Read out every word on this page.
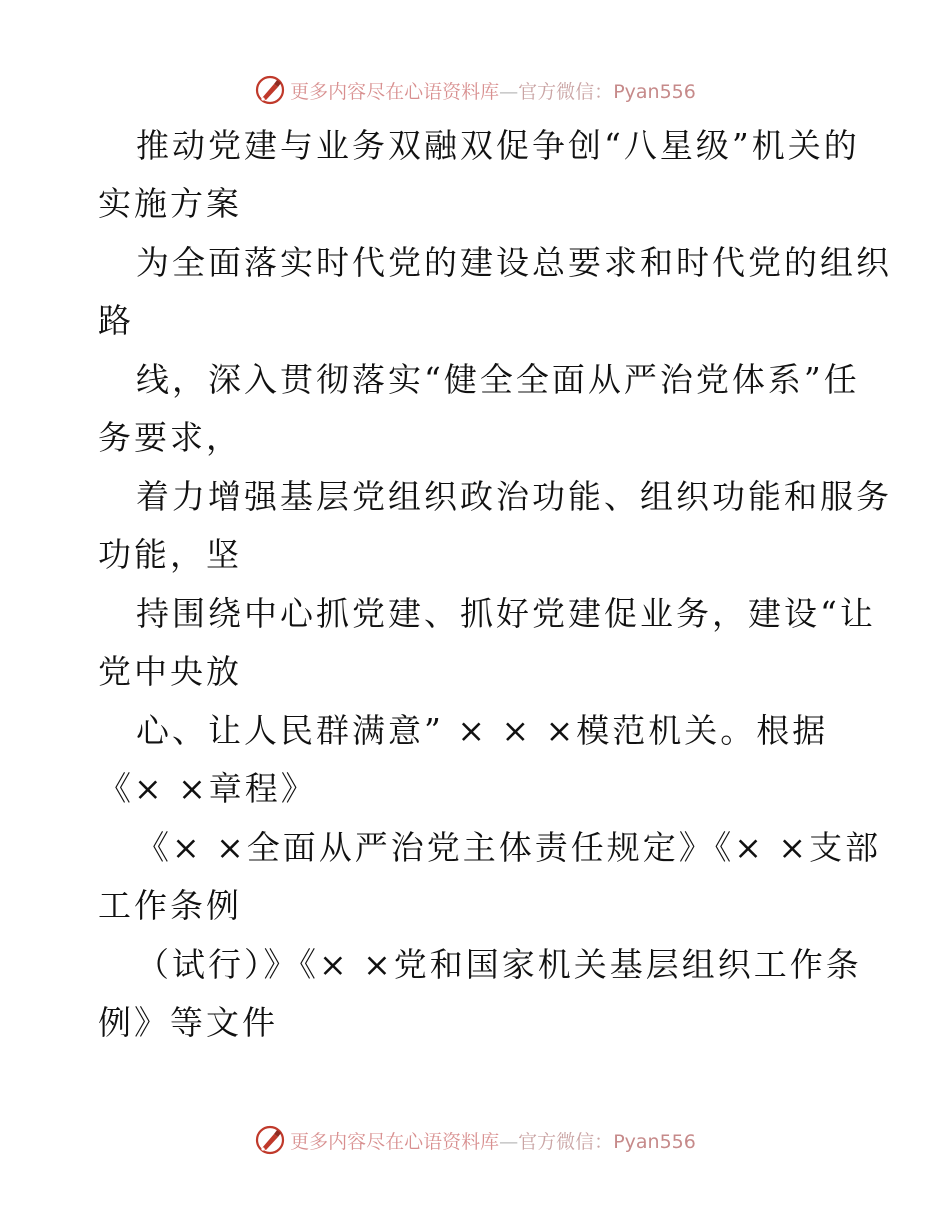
更多内容尽在心语资料库—官方微信：Pyan556
推动党建与业务双融双促争创“八星级”机关的
实施方案
为全面落实时代党的建设总要求和时代党的组织
路
线，深入贯彻落实“健全全面从严治党体系”任
务要求，
着力增强基层党组织政治功能、组织功能和服务
功能，坚
持围绕中心抓党建、抓好党建促业务，建设“让
党中央放
心、让人民群满意” × × ×模范机关。根据
《× ×章程》
《× ×全面从严治党主体责任规定》《× ×支部
工作条例
（试行）》《× ×党和国家机关基层组织工作条
例》等文件
更多内容尽在心语资料库—官方微信：Pyan556
